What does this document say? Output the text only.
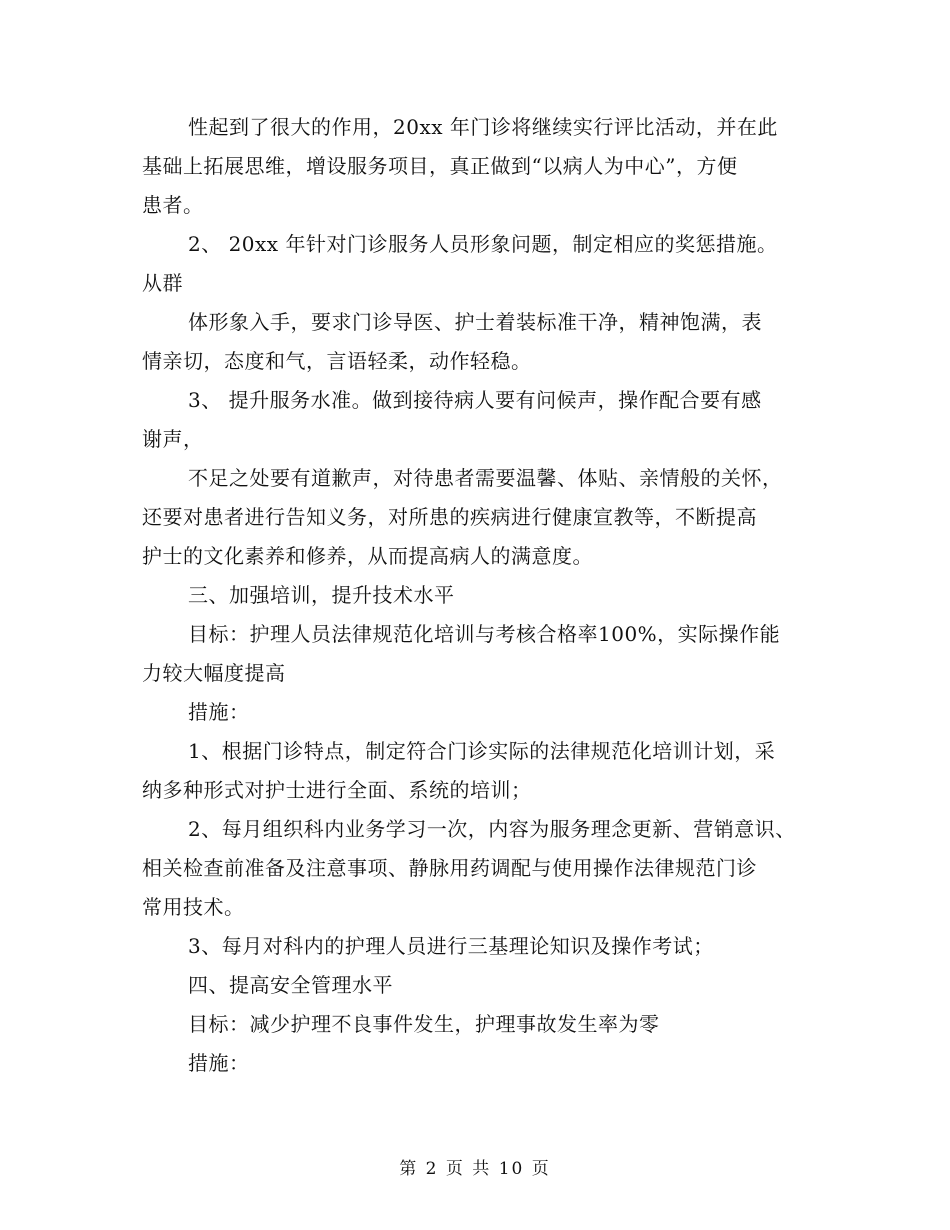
性起到了很大的作用，20xx 年门诊将继续实行评比活动，并在此
基础上拓展思维，增设服务项目，真正做到“以病人为中心”，方便
患者。
2、 20xx 年针对门诊服务人员形象问题，制定相应的奖惩措施。
从群
体形象入手，要求门诊导医、护士着装标准干净，精神饱满，表
情亲切，态度和气，言语轻柔，动作轻稳。
3、 提升服务水准。做到接待病人要有问候声，操作配合要有感
谢声，
不足之处要有道歉声，对待患者需要温馨、体贴、亲情般的关怀，
还要对患者进行告知义务，对所患的疾病进行健康宣教等，不断提高
护士的文化素养和修养，从而提高病人的满意度。
三、加强培训，提升技术水平
目标：护理人员法律规范化培训与考核合格率100%，实际操作能
力较大幅度提高
措施：
1、根据门诊特点，制定符合门诊实际的法律规范化培训计划，采
纳多种形式对护士进行全面、系统的培训；
2、每月组织科内业务学习一次，内容为服务理念更新、营销意识、
相关检查前准备及注意事项、静脉用药调配与使用操作法律规范门诊
常用技术。
3、每月对科内的护理人员进行三基理论知识及操作考试；
四、提高安全管理水平
目标：减少护理不良事件发生，护理事故发生率为零
措施：
第 2 页 共 10 页
